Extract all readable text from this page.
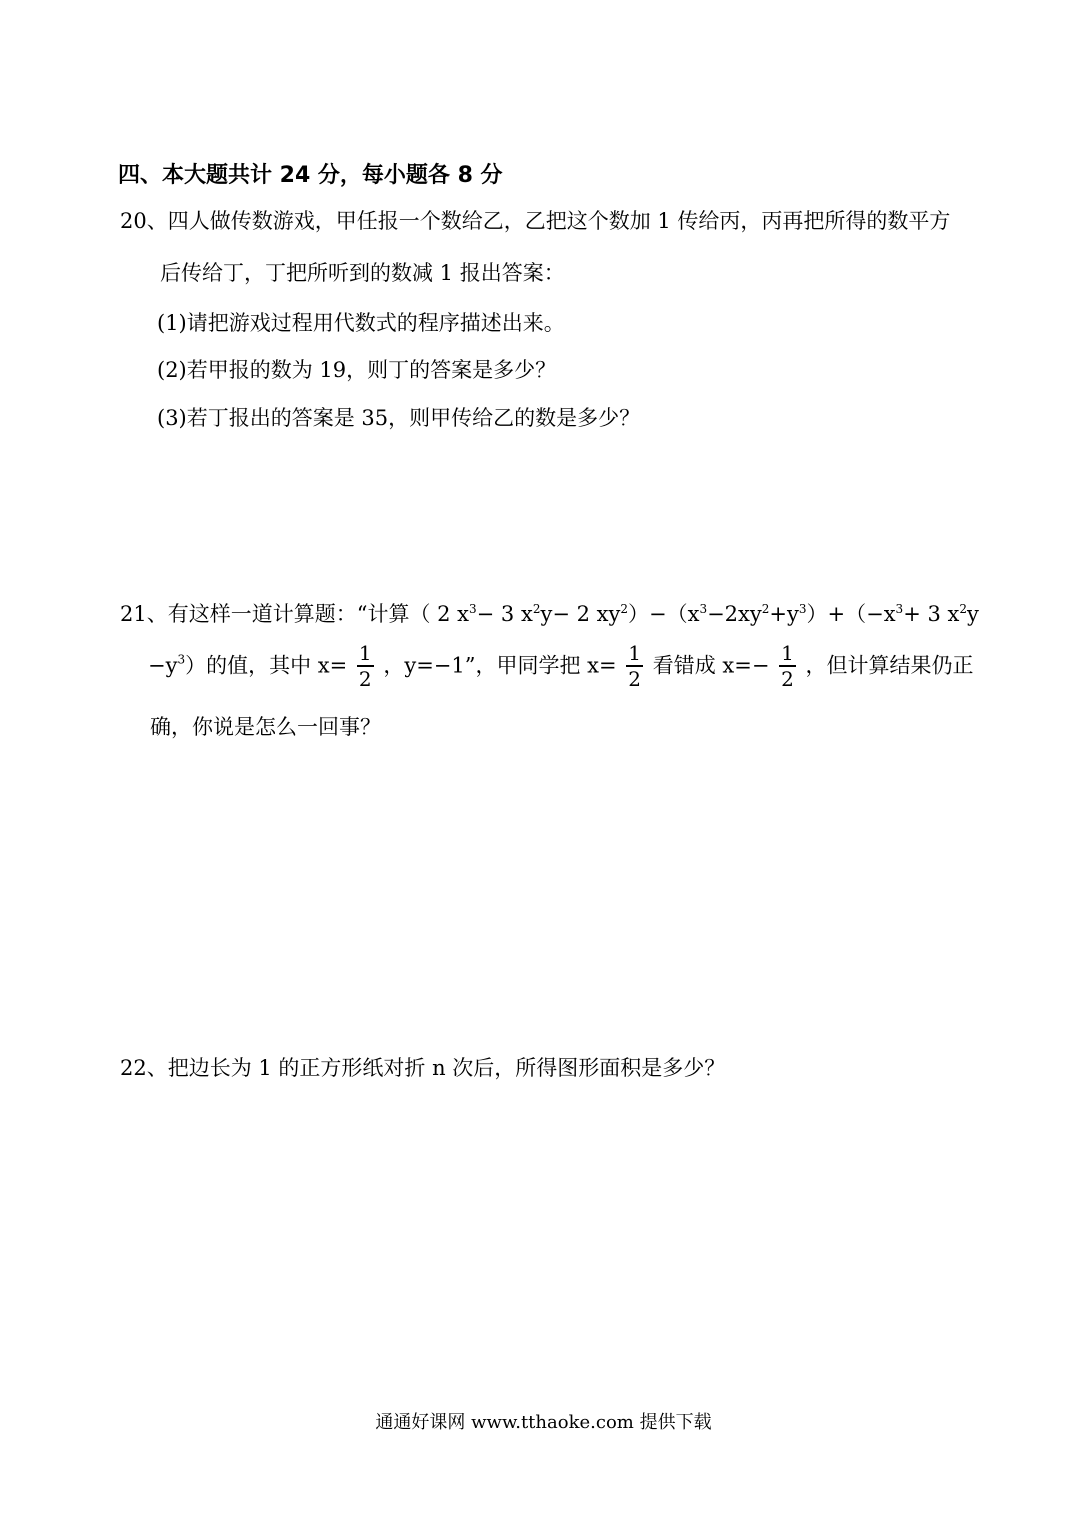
四、本大题共计 24 分，每小题各 8 分
20、四人做传数游戏，甲任报一个数给乙，乙把这个数加 1 传给丙，丙再把所得的数平方
后传给丁，丁把所听到的数减 1 报出答案：
(1)请把游戏过程用代数式的程序描述出来。
(2)若甲报的数为 19，则丁的答案是多少？
(3)若丁报出的答案是 35，则甲传给乙的数是多少？
21、有这样一道计算题：“计算（ 2 $x^3- 3$ $x^2y- 2$ $xy^2)-(x^3-2xy^2+y^3)+(-x^3+ 3$ $x^2y$
$-y^3$）的值，其中 $x= \frac{1}{2}$ ，y=−1”，甲同学把 $x= \frac{1}{2}$ 看错成 $x=- \frac{1}{2}$ ，但计算结果仍正
确，你说是怎么一回事？
22、把边长为 1 的正方形纸对折 n 次后，所得图形面积是多少？
通通好课网 www.tthaoke.com 提供下载
